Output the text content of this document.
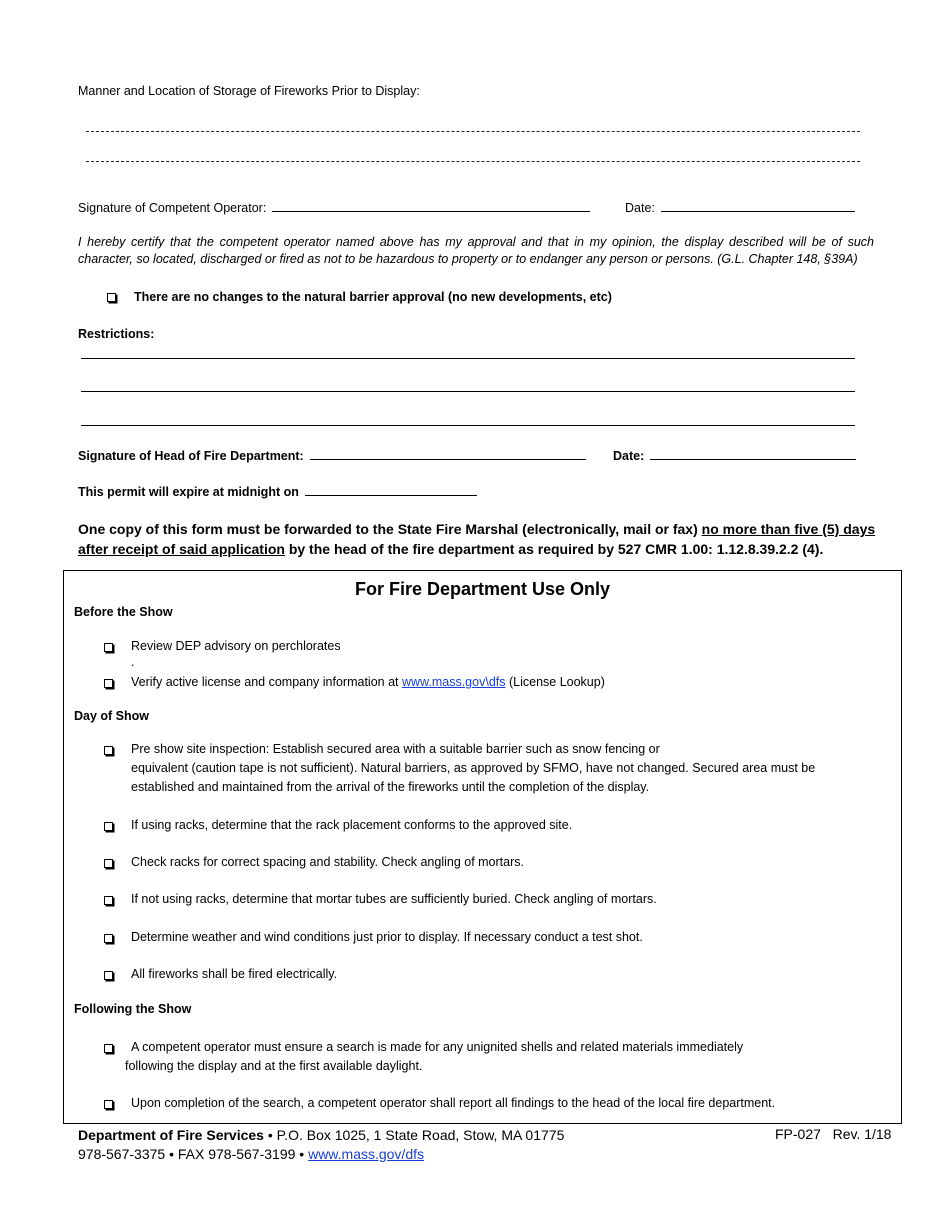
Manner and Location of Storage of Fireworks Prior to Display:
Signature of Competent Operator:	Date:
I hereby certify that the competent operator named above has my approval and that in my opinion, the display described will be of such character, so located, discharged or fired as not to be hazardous to property or to endanger any person or persons. (G.L. Chapter 148, §39A)
There are no changes to the natural barrier approval (no new developments, etc)
Restrictions:
Signature of Head of Fire Department:	Date:
This permit will expire at midnight on
One copy of this form must be forwarded to the State Fire Marshal (electronically, mail or fax) no more than five (5) days after receipt of said application by the head of the fire department as required by 527 CMR 1.00: 1.12.8.39.2.2 (4).
For Fire Department Use Only
Before the Show
Review DEP advisory on perchlorates
.
Verify active license and company information at www.mass.gov\dfs (License Lookup)
Day of Show
Pre show site inspection: Establish secured area with a suitable barrier such as snow fencing or
equivalent (caution tape is not sufficient). Natural barriers, as approved by SFMO, have not changed. Secured area must be
established and maintained from the arrival of the fireworks until the completion of the display.
If using racks, determine that the rack placement conforms to the approved site.
Check racks for correct spacing and stability. Check angling of mortars.
If not using racks, determine that mortar tubes are sufficiently buried. Check angling of mortars.
Determine weather and wind conditions just prior to display. If necessary conduct a test shot.
All fireworks shall be fired electrically.
Following the Show
A competent operator must ensure a search is made for any unignited shells and related materials immediately
following the display and at the first available daylight.
Upon completion of the search, a competent operator shall report all findings to the head of the local fire department.
Department of Fire Services • P.O. Box 1025, 1 State Road, Stow, MA 01775
978-567-3375 • FAX 978-567-3199 • www.mass.gov/dfs
FP-027   Rev. 1/18
